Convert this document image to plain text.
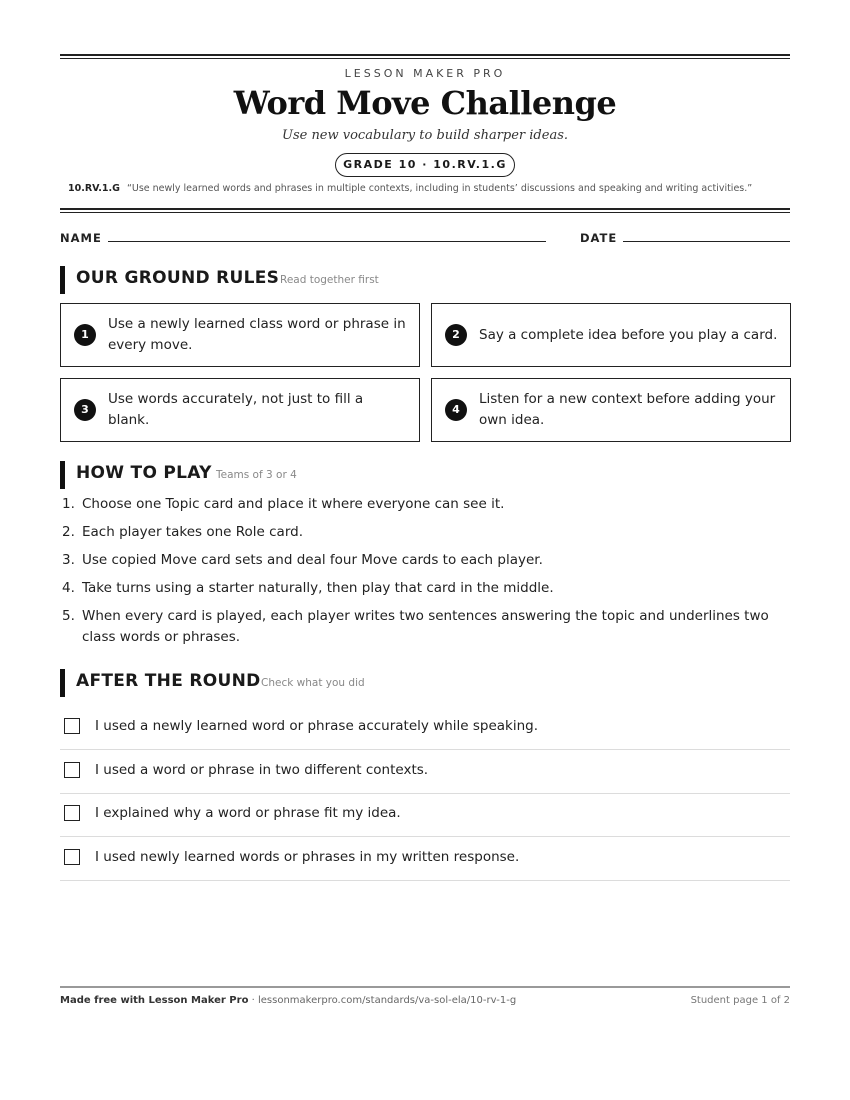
LESSON MAKER PRO
Word Move Challenge
Use new vocabulary to build sharper ideas.
GRADE 10 · 10.RV.1.G
10.RV.1.G “Use newly learned words and phrases in multiple contexts, including in students’ discussions and speaking and writing activities.”
NAME	DATE
OUR GROUND RULES Read together first
1
Use a newly learned class word or phrase in every move.
2	Say a complete idea before you play a card.
3
Use words accurately, not just to fill a blank.
4
Listen for a new context before adding your own idea.
HOW TO PLAY Teams of 3 or 4
1. Choose one Topic card and place it where everyone can see it.
2. Each player takes one Role card.
3. Use copied Move card sets and deal four Move cards to each player.
4. Take turns using a starter naturally, then play that card in the middle.
5. When every card is played, each player writes two sentences answering the topic and underlines two class words or phrases.
AFTER THE ROUND Check what you did
I used a newly learned word or phrase accurately while speaking.
I used a word or phrase in two different contexts.
I explained why a word or phrase fit my idea.
I used newly learned words or phrases in my written response.
Made free with Lesson Maker Pro · lessonmakerpro.com/standards/va-sol-ela/10-rv-1-g	Student page 1 of 2
